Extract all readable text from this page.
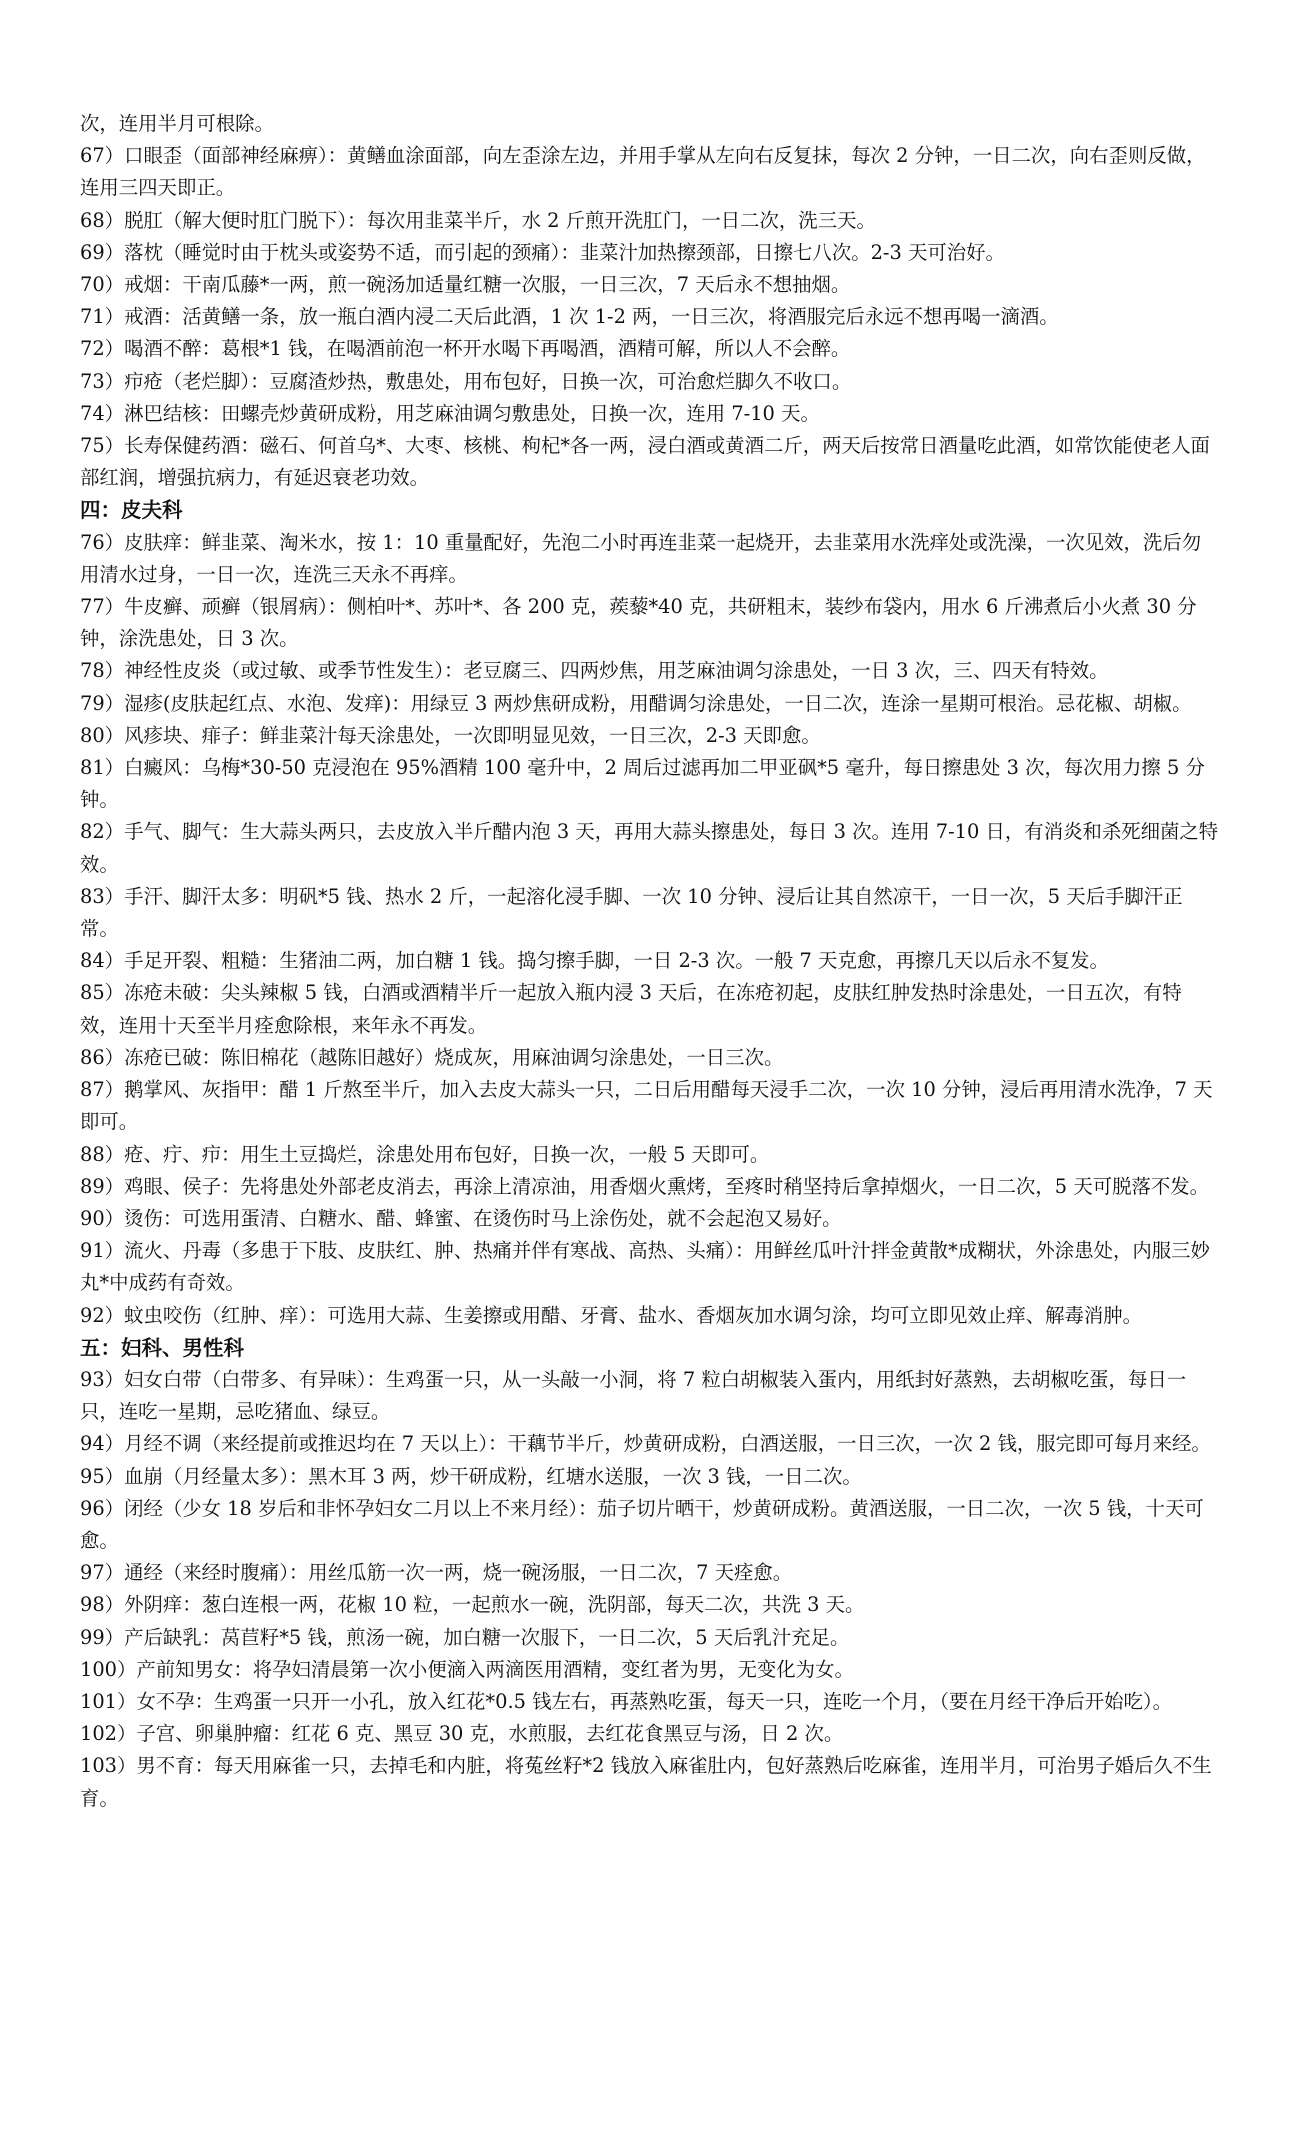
次，连用半月可根除。
67）口眼歪（面部神经麻痹）：黄鳝血涂面部，向左歪涂左边，并用手掌从左向右反复抹，每次 2 分钟，一日二次，向右歪则反做，连用三四天即正。
68）脱肛（解大便时肛门脱下）：每次用韭菜半斤，水 2 斤煎开洗肛门，一日二次，洗三天。
69）落枕（睡觉时由于枕头或姿势不适，而引起的颈痛）：韭菜汁加热擦颈部，日擦七八次。2-3 天可治好。
70）戒烟：干南瓜藤*一两，煎一碗汤加适量红糖一次服，一日三次，7 天后永不想抽烟。
71）戒酒：活黄鳝一条，放一瓶白酒内浸二天后此酒，1 次 1-2 两，一日三次，将酒服完后永远不想再喝一滴酒。
72）喝酒不醉：葛根*1 钱，在喝酒前泡一杯开水喝下再喝酒，酒精可解，所以人不会醉。
73）疖疮（老烂脚）：豆腐渣炒热，敷患处，用布包好，日换一次，可治愈烂脚久不收口。
74）淋巴结核：田螺壳炒黄研成粉，用芝麻油调匀敷患处，日换一次，连用 7-10 天。
75）长寿保健药酒：磁石、何首乌*、大枣、核桃、枸杞*各一两，浸白酒或黄酒二斤，两天后按常日酒量吃此酒，如常饮能使老人面部红润，增强抗病力，有延迟衰老功效。
四：皮夫科
76）皮肤痒：鲜韭菜、淘米水，按 1：10 重量配好，先泡二小时再连韭菜一起烧开，去韭菜用水洗痒处或洗澡，一次见效，洗后勿用清水过身，一日一次，连洗三天永不再痒。
77）牛皮癣、顽癣（银屑病）：侧柏叶*、苏叶*、各 200 克，蒺藜*40 克，共研粗末，装纱布袋内，用水 6 斤沸煮后小火煮 30 分钟，涂洗患处，日 3 次。
78）神经性皮炎（或过敏、或季节性发生）：老豆腐三、四两炒焦，用芝麻油调匀涂患处，一日 3 次，三、四天有特效。
79）湿疹(皮肤起红点、水泡、发痒)：用绿豆 3 两炒焦研成粉，用醋调匀涂患处，一日二次，连涂一星期可根治。忌花椒、胡椒。
80）风疹块、痱子：鲜韭菜汁每天涂患处，一次即明显见效，一日三次，2-3 天即愈。
81）白癜风：乌梅*30-50 克浸泡在 95%酒精 100 毫升中，2 周后过滤再加二甲亚砜*5 毫升，每日擦患处 3 次，每次用力擦 5 分钟。
82）手气、脚气：生大蒜头两只，去皮放入半斤醋内泡 3 天，再用大蒜头擦患处，每日 3 次。连用 7-10 日，有消炎和杀死细菌之特效。
83）手汗、脚汗太多：明矾*5 钱、热水 2 斤，一起溶化浸手脚、一次 10 分钟、浸后让其自然凉干，一日一次，5 天后手脚汗正常。
84）手足开裂、粗糙：生猪油二两，加白糖 1 钱。捣匀擦手脚，一日 2-3 次。一般 7 天克愈，再擦几天以后永不复发。
85）冻疮未破：尖头辣椒 5 钱，白酒或酒精半斤一起放入瓶内浸 3 天后，在冻疮初起，皮肤红肿发热时涂患处，一日五次，有特效，连用十天至半月痊愈除根，来年永不再发。
86）冻疮已破：陈旧棉花（越陈旧越好）烧成灰，用麻油调匀涂患处，一日三次。
87）鹅掌风、灰指甲：醋 1 斤熬至半斤，加入去皮大蒜头一只，二日后用醋每天浸手二次，一次 10 分钟，浸后再用清水洗净，7 天即可。
88）疮、疔、疖：用生土豆捣烂，涂患处用布包好，日换一次，一般 5 天即可。
89）鸡眼、侯子：先将患处外部老皮消去，再涂上清凉油，用香烟火熏烤，至疼时稍坚持后拿掉烟火，一日二次，5 天可脱落不发。
90）烫伤：可选用蛋清、白糖水、醋、蜂蜜、在烫伤时马上涂伤处，就不会起泡又易好。
91）流火、丹毒（多患于下肢、皮肤红、肿、热痛并伴有寒战、高热、头痛）：用鲜丝瓜叶汁拌金黄散*成糊状，外涂患处，内服三妙丸*中成药有奇效。
92）蚊虫咬伤（红肿、痒）：可选用大蒜、生姜擦或用醋、牙膏、盐水、香烟灰加水调匀涂，均可立即见效止痒、解毒消肿。
五：妇科、男性科
93）妇女白带（白带多、有异味）：生鸡蛋一只，从一头敲一小洞，将 7 粒白胡椒装入蛋内，用纸封好蒸熟，去胡椒吃蛋，每日一只，连吃一星期，忌吃猪血、绿豆。
94）月经不调（来经提前或推迟均在 7 天以上）：干藕节半斤，炒黄研成粉，白酒送服，一日三次，一次 2 钱，服完即可每月来经。
95）血崩（月经量太多）：黑木耳 3 两，炒干研成粉，红塘水送服，一次 3 钱，一日二次。
96）闭经（少女 18 岁后和非怀孕妇女二月以上不来月经）：茄子切片晒干，炒黄研成粉。黄酒送服，一日二次，一次 5 钱，十天可愈。
97）通经（来经时腹痛）：用丝瓜筋一次一两，烧一碗汤服，一日二次，7 天痊愈。
98）外阴痒：葱白连根一两，花椒 10 粒，一起煎水一碗，洗阴部，每天二次，共洗 3 天。
99）产后缺乳：莴苣籽*5 钱，煎汤一碗，加白糖一次服下，一日二次，5 天后乳汁充足。
100）产前知男女：将孕妇清晨第一次小便滴入两滴医用酒精，变红者为男，无变化为女。
101）女不孕：生鸡蛋一只开一小孔，放入红花*0.5 钱左右，再蒸熟吃蛋，每天一只，连吃一个月，（要在月经干净后开始吃）。
102）子宫、卵巢肿瘤：红花 6 克、黑豆 30 克，水煎服，去红花食黑豆与汤，日 2 次。
103）男不育：每天用麻雀一只，去掉毛和内脏，将菟丝籽*2 钱放入麻雀肚内，包好蒸熟后吃麻雀，连用半月，可治男子婚后久不生育。
